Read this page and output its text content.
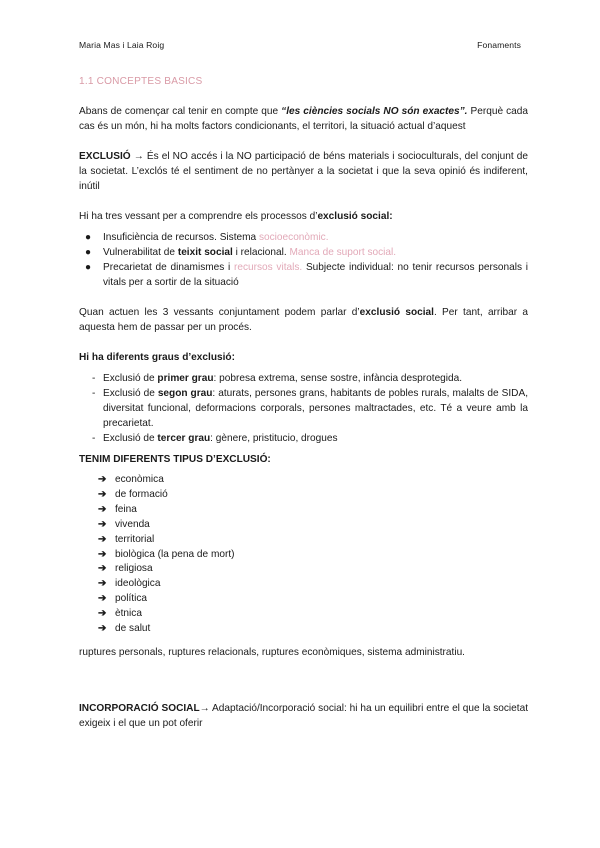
Maria Mas i Laia Roig	Fonaments
1.1 CONCEPTES BASICS

Abans de començar cal tenir en compte que “les ciències socials NO són exactes”. Perquè cada cas és un món, hi ha molts factors condicionants, el territori, la situació actual d’aquest

EXCLUSIÓ → És el NO accés i la NO participació de béns materials i socioculturals, del conjunt de la societat. L’exclós té el sentiment de no pertànyer a la societat i que la seva opinió és indiferent, inútil

Hi ha tres vessant per a comprendre els processos d’exclusió social:

● Insuficiència de recursos. Sistema socioeconòmic.
● Vulnerabilitat de teixit social i relacional. Manca de suport social.
● Precarietat de dinamismes i recursos vitals. Subjecte individual: no tenir recursos personals i vitals per a sortir de la situació

Quan actuen les 3 vessants conjuntament podem parlar d’exclusió social. Per tant, arribar a aquesta hem de passar per un procés.

Hi ha diferents graus d’exclusió:

- Exclusió de primer grau: pobresa extrema, sense sostre, infància desprotegida.
- Exclusió de segon grau: aturats, persones grans, habitants de pobles rurals, malalts de SIDA, diversitat funcional, deformacions corporals, persones maltractades, etc. Té a veure amb la precarietat.
- Exclusió de tercer grau: gènere, pristitucio, drogues

TENIM DIFERENTS TIPUS D’EXCLUSIÓ:

➔ econòmica
➔ de formació
➔ feina
➔ vivenda
➔ territorial
➔ biològica (la pena de mort)
➔ religiosa
➔ ideològica
➔ política
➔ ètnica
➔ de salut

ruptures personals, ruptures relacionals, ruptures econòmiques, sistema administratiu.

INCORPORACIÓ SOCIAL→ Adaptació/Incorporació social: hi ha un equilibri entre el que la societat exigeix i el que un pot oferir
